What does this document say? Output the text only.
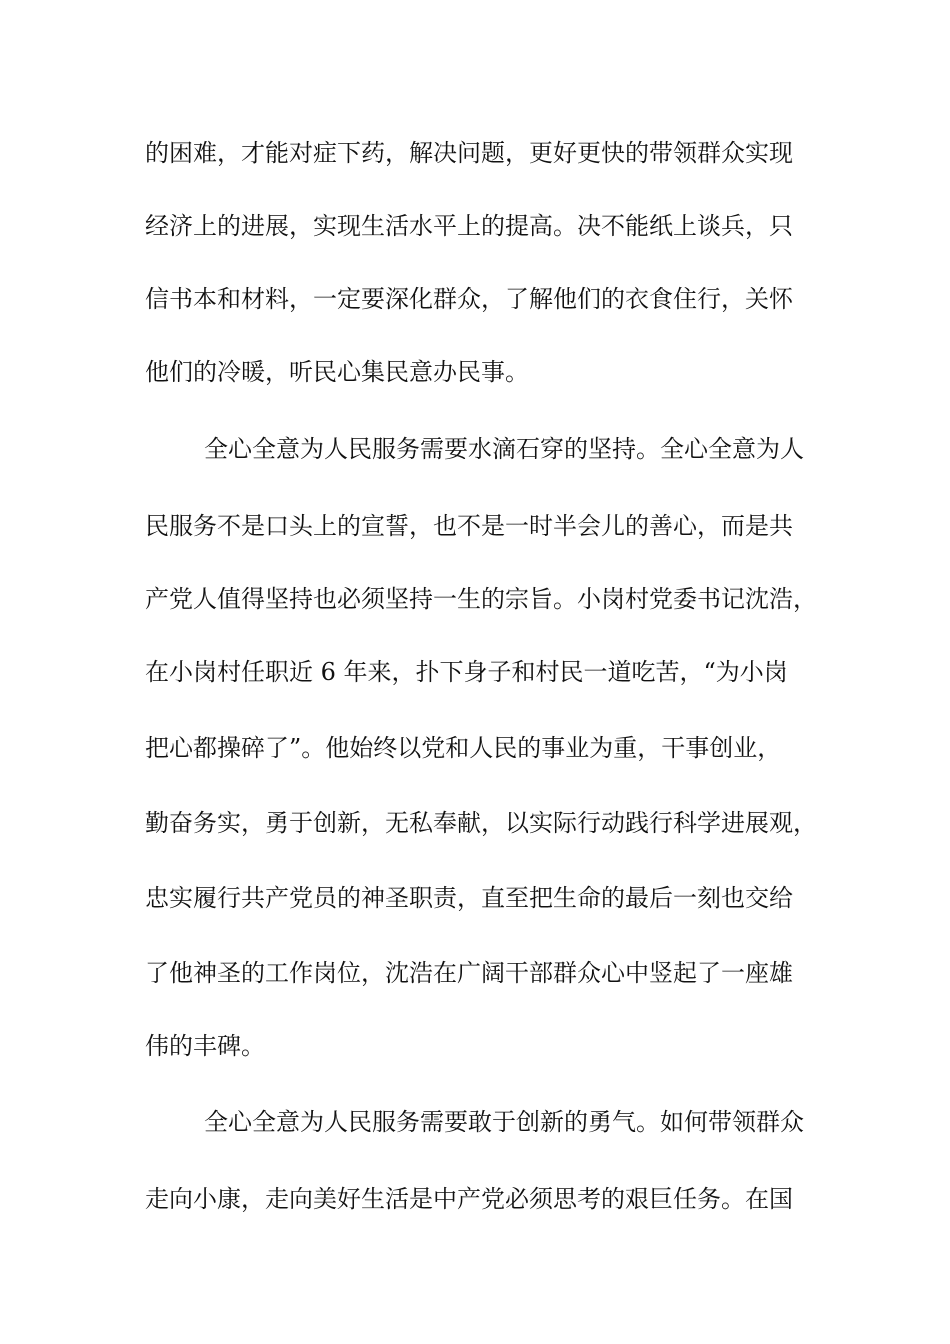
的困难，才能对症下药，解决问题，更好更快的带领群众实现
经济上的进展，实现生活水平上的提高。决不能纸上谈兵，只
信书本和材料，一定要深化群众，了解他们的衣食住行，关怀
他们的冷暖，听民心集民意办民事。
全心全意为人民服务需要水滴石穿的坚持。全心全意为人
民服务不是口头上的宣誓，也不是一时半会儿的善心，而是共
产党人值得坚持也必须坚持一生的宗旨。小岗村党委书记沈浩，
在小岗村任职近 6 年来，扑下身子和村民一道吃苦，“为小岗
把心都操碎了”。他始终以党和人民的事业为重，干事创业，
勤奋务实，勇于创新，无私奉献，以实际行动践行科学进展观，
忠实履行共产党员的神圣职责，直至把生命的最后一刻也交给
了他神圣的工作岗位，沈浩在广阔干部群众心中竖起了一座雄
伟的丰碑。
全心全意为人民服务需要敢于创新的勇气。如何带领群众
走向小康，走向美好生活是中产党必须思考的艰巨任务。在国
